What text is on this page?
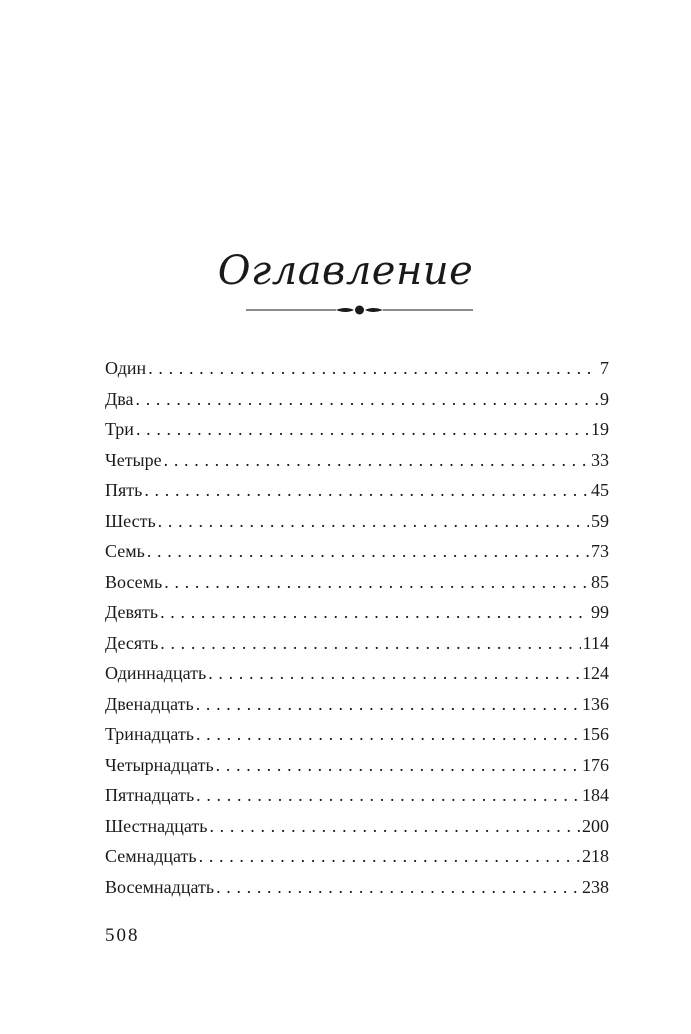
Оглавление
Один . . .	7
Два . . .	9
Три . . .	19
Четыре . . .	33
Пять . . .	45
Шесть . . .	59
Семь . . .	73
Восемь . . .	85
Девять . . .	99
Десять . . .	114
Одиннадцать . . .	124
Двенадцать . . .	136
Тринадцать . . .	156
Четырнадцать . . .	176
Пятнадцать . . .	184
Шестнадцать . . .	200
Семнадцать . . .	218
Восемнадцать . . .	238
508
